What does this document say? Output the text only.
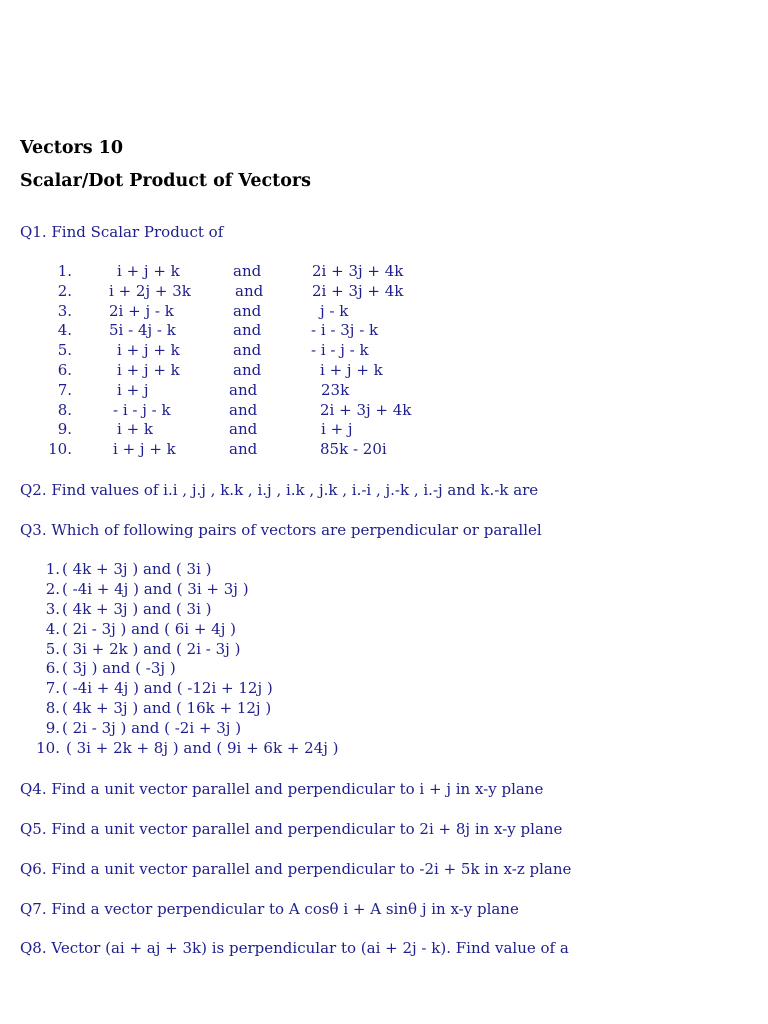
Vectors 10
Scalar/Dot Product of Vectors
Q1. Find Scalar Product of
1.	i + j + k	and	2i + 3j + 4k
2. i + 2j + 3k	and	2i + 3j + 4k
3. 2i + j - k	and	j - k
4. 5i - 4j - k	and	- i - 3j - k
5.	i + j + k	and	- i - j - k
6.	i + j + k	and	i + j + k
7.	i + j	and	23k
8.	- i - j - k	and	2i + 3j + 4k
9.	i + k	and	i + j
10.	i + j + k	and	85k - 20i
Q2. Find values of i.i , j.j , k.k , i.j , i.k , j.k , i.-i , j.-k , i.-j and k.-k are
Q3. Which of following pairs of vectors are perpendicular or parallel
1. ( 4k + 3j ) and ( 3i )
2. ( -4i + 4j ) and ( 3i + 3j )
3. ( 4k + 3j ) and ( 3i )
4. ( 2i - 3j ) and ( 6i + 4j )
5. ( 3i + 2k ) and ( 2i - 3j )
6. ( 3j ) and ( -3j )
7. ( -4i + 4j ) and ( -12i + 12j )
8. ( 4k + 3j ) and ( 16k + 12j )
9. ( 2i - 3j ) and ( -2i + 3j )
10. ( 3i + 2k + 8j ) and ( 9i + 6k + 24j )
Q4. Find a unit vector parallel and perpendicular to i + j in x-y plane
Q5. Find a unit vector parallel and perpendicular to 2i + 8j in x-y plane
Q6. Find a unit vector parallel and perpendicular to -2i + 5k in x-z plane
Q7. Find a vector perpendicular to A cosθ i + A sinθ j in x-y plane
Q8. Vector (ai + aj + 3k) is perpendicular to (ai + 2j - k). Find value of a
